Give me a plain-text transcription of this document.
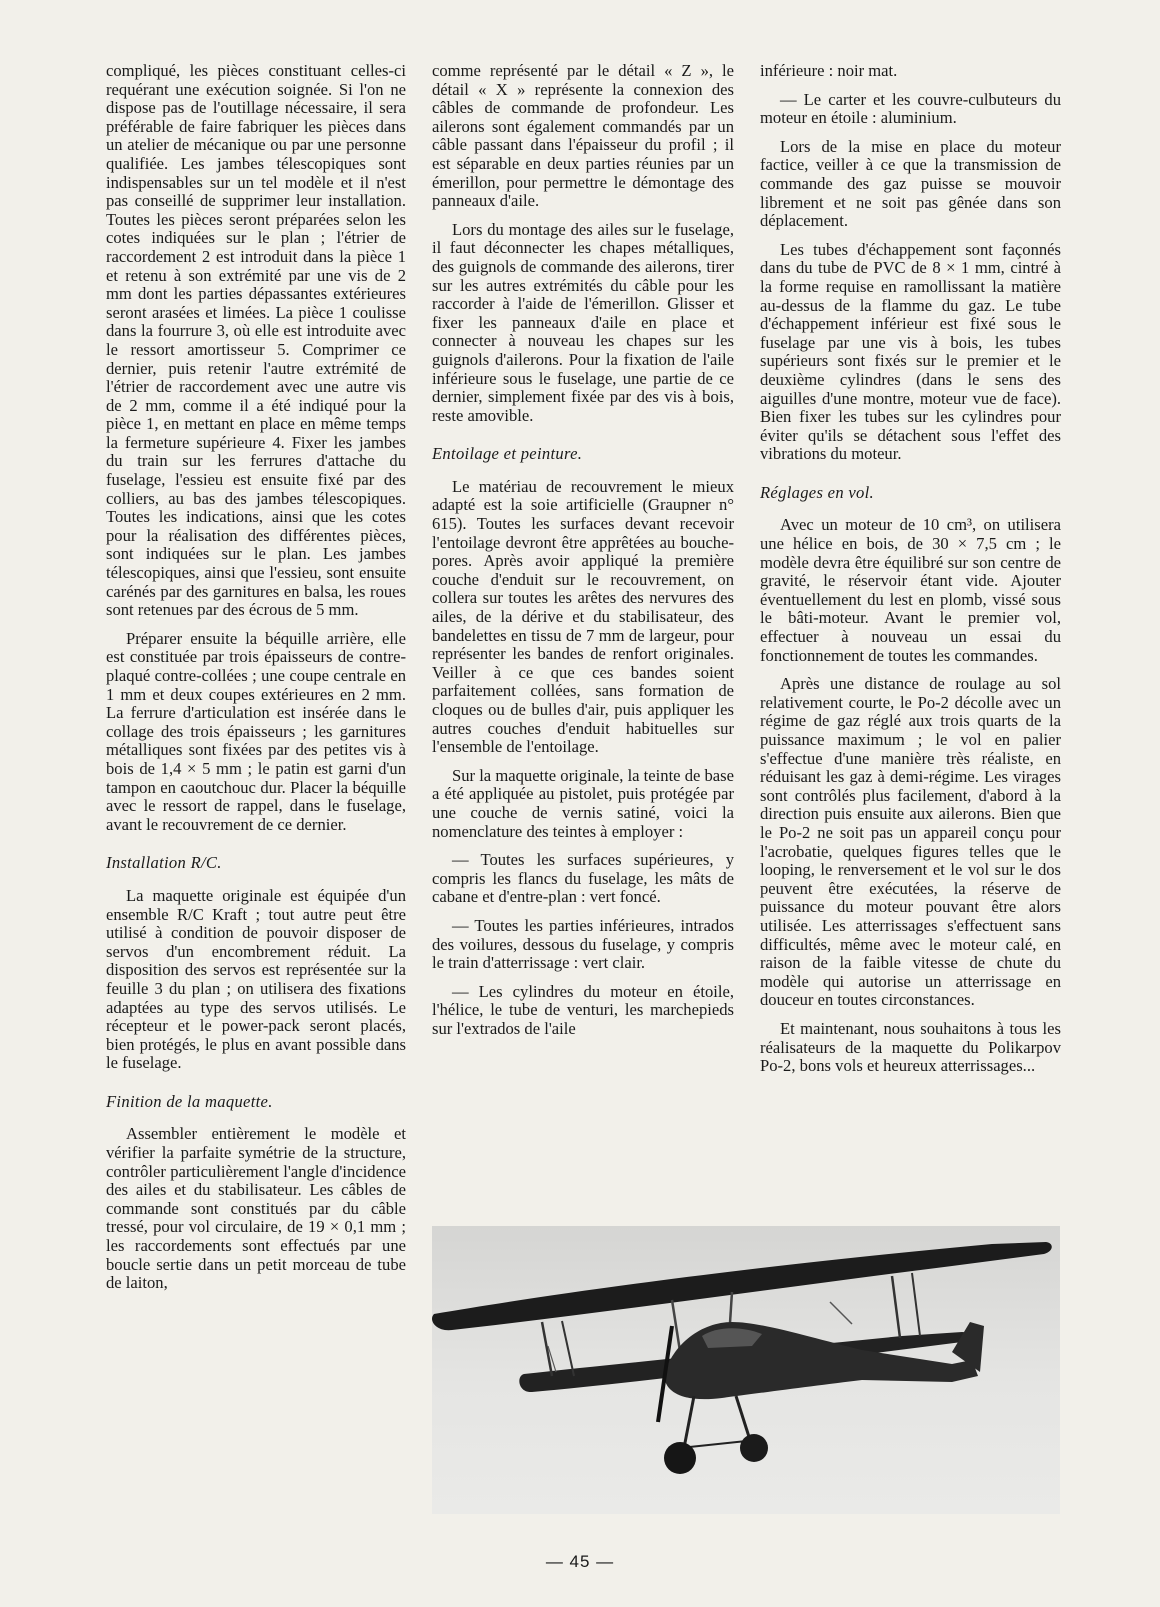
compliqué, les pièces constituant celles-ci requérant une exécution soignée. Si l'on ne dispose pas de l'outillage nécessaire, il sera préférable de faire fabriquer les pièces dans un atelier de mécanique ou par une personne qualifiée. Les jambes télescopiques sont indispensables sur un tel modèle et il n'est pas conseillé de supprimer leur installation. Toutes les pièces seront préparées selon les cotes indiquées sur le plan ; l'étrier de raccordement 2 est introduit dans la pièce 1 et retenu à son extrémité par une vis de 2 mm dont les parties dépassantes extérieures seront arasées et limées. La pièce 1 coulisse dans la fourrure 3, où elle est introduite avec le ressort amortisseur 5. Comprimer ce dernier, puis retenir l'autre extrémité de l'étrier de raccordement avec une autre vis de 2 mm, comme il a été indiqué pour la pièce 1, en mettant en place en même temps la fermeture supérieure 4. Fixer les jambes du train sur les ferrures d'attache du fuselage, l'essieu est ensuite fixé par des colliers, au bas des jambes télescopiques. Toutes les indications, ainsi que les cotes pour la réalisation des différentes pièces, sont indiquées sur le plan. Les jambes télescopiques, ainsi que l'essieu, sont ensuite carénés par des garnitures en balsa, les roues sont retenues par des écrous de 5 mm.

Préparer ensuite la béquille arrière, elle est constituée par trois épaisseurs de contre-plaqué contre-collées ; une coupe centrale en 1 mm et deux coupes extérieures en 2 mm. La ferrure d'articulation est insérée dans le collage des trois épaisseurs ; les garnitures métalliques sont fixées par des petites vis à bois de 1,4 × 5 mm ; le patin est garni d'un tampon en caoutchouc dur. Placer la béquille avec le ressort de rappel, dans le fuselage, avant le recouvrement de ce dernier.

Installation R/C.

La maquette originale est équipée d'un ensemble R/C Kraft ; tout autre peut être utilisé à condition de pouvoir disposer de servos d'un encombrement réduit. La disposition des servos est représentée sur la feuille 3 du plan ; on utilisera des fixations adaptées au type des servos utilisés. Le récepteur et le power-pack seront placés, bien protégés, le plus en avant possible dans le fuselage.

Finition de la maquette.

Assembler entièrement le modèle et vérifier la parfaite symétrie de la structure, contrôler particulièrement l'angle d'incidence des ailes et du stabilisateur. Les câbles de commande sont constitués par du câble tressé, pour vol circulaire, de 19 × 0,1 mm ; les raccordements sont effectués par une boucle sertie dans un petit morceau de tube de laiton,

comme représenté par le détail « Z », le détail « X » représente la connexion des câbles de commande de profondeur. Les ailerons sont également commandés par un câble passant dans l'épaisseur du profil ; il est séparable en deux parties réunies par un émerillon, pour permettre le démontage des panneaux d'aile.

Lors du montage des ailes sur le fuselage, il faut déconnecter les chapes métalliques, des guignols de commande des ailerons, tirer sur les autres extrémités du câble pour les raccorder à l'aide de l'émerillon. Glisser et fixer les panneaux d'aile en place et connecter à nouveau les chapes sur les guignols d'ailerons. Pour la fixation de l'aile inférieure sous le fuselage, une partie de ce dernier, simplement fixée par des vis à bois, reste amovible.

Entoilage et peinture.

Le matériau de recouvrement le mieux adapté est la soie artificielle (Graupner n° 615). Toutes les surfaces devant recevoir l'entoilage devront être apprêtées au bouche-pores. Après avoir appliqué la première couche d'enduit sur le recouvrement, on collera sur toutes les arêtes des nervures des ailes, de la dérive et du stabilisateur, des bandelettes en tissu de 7 mm de largeur, pour représenter les bandes de renfort originales. Veiller à ce que ces bandes soient parfaitement collées, sans formation de cloques ou de bulles d'air, puis appliquer les autres couches d'enduit habituelles sur l'ensemble de l'entoilage.

Sur la maquette originale, la teinte de base a été appliquée au pistolet, puis protégée par une couche de vernis satiné, voici la nomenclature des teintes à employer :

— Toutes les surfaces supérieures, y compris les flancs du fuselage, les mâts de cabane et d'entre-plan : vert foncé.

— Toutes les parties inférieures, intrados des voilures, dessous du fuselage, y compris le train d'atterrissage : vert clair.

— Les cylindres du moteur en étoile, l'hélice, le tube de venturi, les marchepieds sur l'extrados de l'aile

inférieure : noir mat.

— Le carter et les couvre-culbuteurs du moteur en étoile : aluminium.

Lors de la mise en place du moteur factice, veiller à ce que la transmission de commande des gaz puisse se mouvoir librement et ne soit pas gênée dans son déplacement.

Les tubes d'échappement sont façonnés dans du tube de PVC de 8 × 1 mm, cintré à la forme requise en ramollissant la matière au-dessus de la flamme du gaz. Le tube d'échappement inférieur est fixé sous le fuselage par une vis à bois, les tubes supérieurs sont fixés sur le premier et le deuxième cylindres (dans le sens des aiguilles d'une montre, moteur vue de face). Bien fixer les tubes sur les cylindres pour éviter qu'ils se détachent sous l'effet des vibrations du moteur.

Réglages en vol.

Avec un moteur de 10 cm³, on utilisera une hélice en bois, de 30 × 7,5 cm ; le modèle devra être équilibré sur son centre de gravité, le réservoir étant vide. Ajouter éventuellement du lest en plomb, vissé sous le bâti-moteur. Avant le premier vol, effectuer à nouveau un essai du fonctionnement de toutes les commandes.

Après une distance de roulage au sol relativement courte, le Po-2 décolle avec un régime de gaz réglé aux trois quarts de la puissance maximum ; le vol en palier s'effectue d'une manière très réaliste, en réduisant les gaz à demi-régime. Les virages sont contrôlés plus facilement, d'abord à la direction puis ensuite aux ailerons. Bien que le Po-2 ne soit pas un appareil conçu pour l'acrobatie, quelques figures telles que le looping, le renversement et le vol sur le dos peuvent être exécutées, la réserve de puissance du moteur pouvant être alors utilisée. Les atterrissages s'effectuent sans difficultés, même avec le moteur calé, en raison de la faible vitesse de chute du modèle qui autorise un atterrissage en douceur en toutes circonstances.

Et maintenant, nous souhaitons à tous les réalisateurs de la maquette du Polikarpov Po-2, bons vols et heureux atterrissages...

— 45 —
